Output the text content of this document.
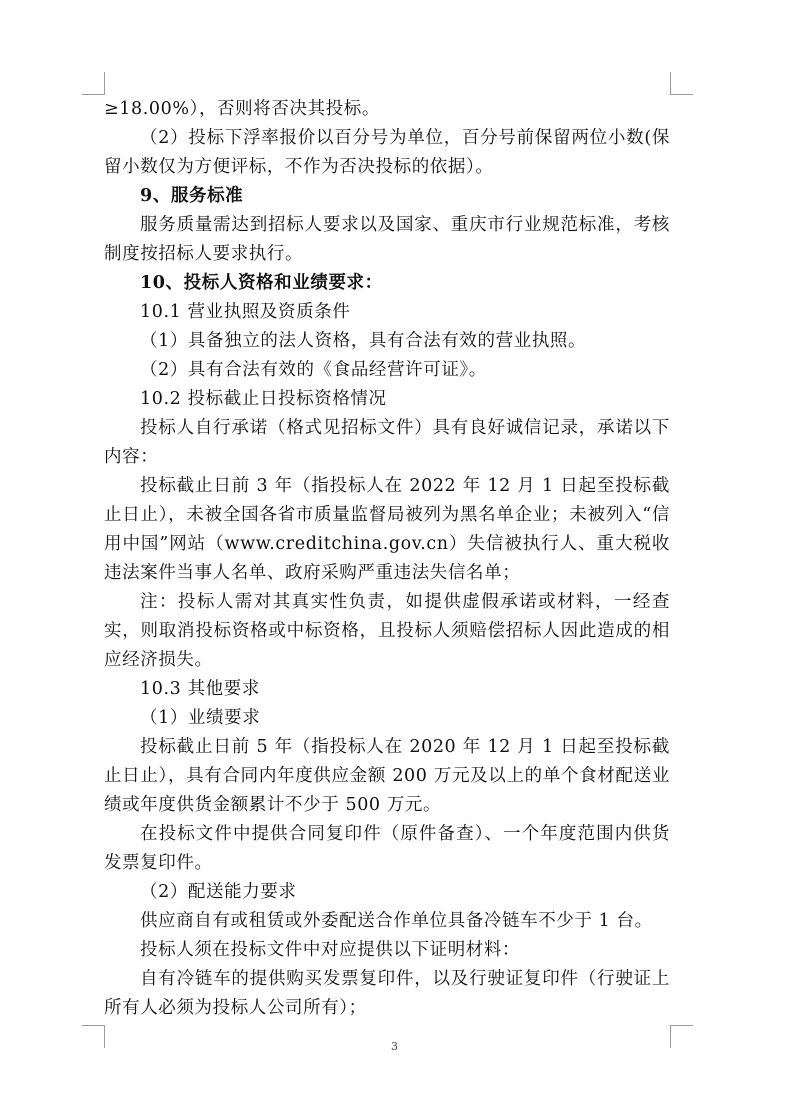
≥18.00%），否则将否决其投标。

（2）投标下浮率报价以百分号为单位，百分号前保留两位小数(保留小数仅为方便评标，不作为否决投标的依据）。

9、服务标准

服务质量需达到招标人要求以及国家、重庆市行业规范标准，考核制度按招标人要求执行。

10、投标人资格和业绩要求：

10.1 营业执照及资质条件

（1）具备独立的法人资格，具有合法有效的营业执照。

（2）具有合法有效的《食品经营许可证》。

10.2 投标截止日投标资格情况

投标人自行承诺（格式见招标文件）具有良好诚信记录，承诺以下内容：

投标截止日前 3 年（指投标人在 2022 年 12 月 1 日起至投标截止日止），未被全国各省市质量监督局被列为黑名单企业；未被列入“信用中国”网站（www.creditchina.gov.cn）失信被执行人、重大税收违法案件当事人名单、政府采购严重违法失信名单；

注：投标人需对其真实性负责，如提供虚假承诺或材料，一经查实，则取消投标资格或中标资格，且投标人须赔偿招标人因此造成的相应经济损失。

10.3 其他要求

（1）业绩要求

投标截止日前 5 年（指投标人在 2020 年 12 月 1 日起至投标截止日止），具有合同内年度供应金额 200 万元及以上的单个食材配送业绩或年度供货金额累计不少于 500 万元。

在投标文件中提供合同复印件（原件备查）、一个年度范围内供货发票复印件。

（2）配送能力要求

供应商自有或租赁或外委配送合作单位具备冷链车不少于 1 台。

投标人须在投标文件中对应提供以下证明材料：

自有冷链车的提供购买发票复印件，以及行驶证复印件（行驶证上所有人必须为投标人公司所有）；

3
